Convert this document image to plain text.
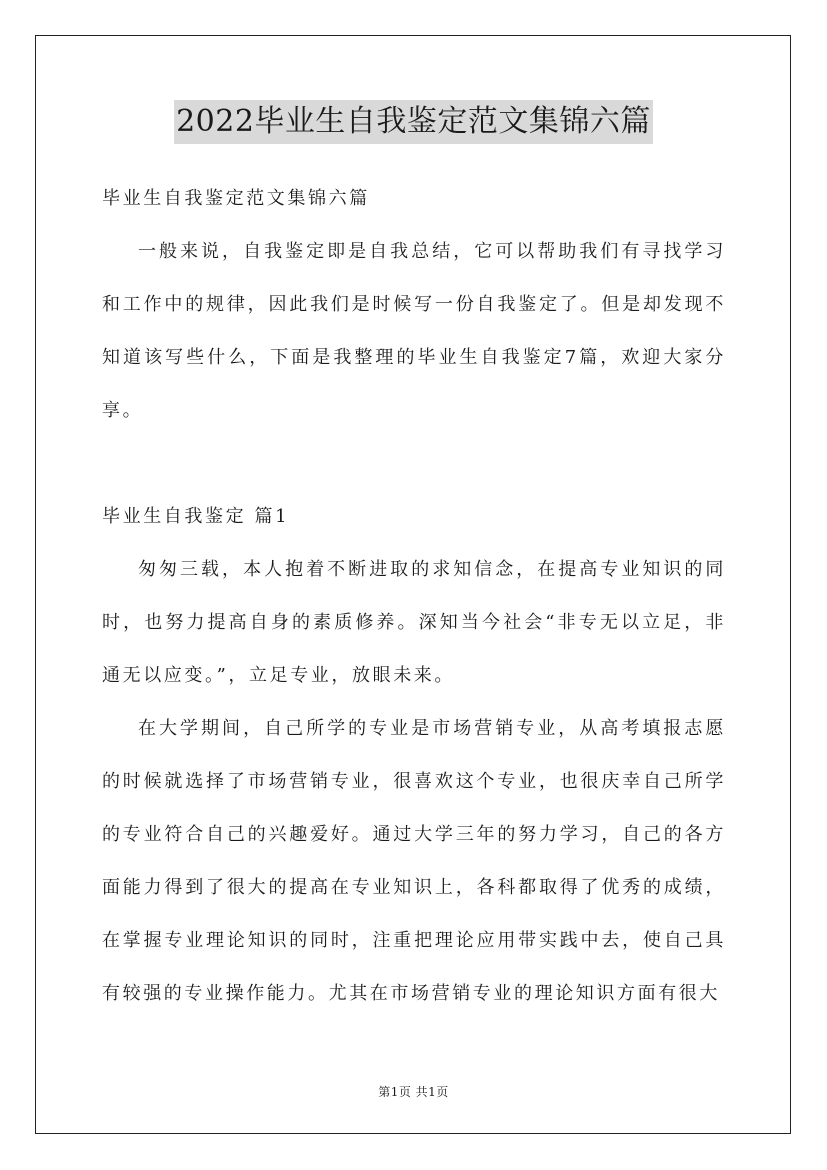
2022毕业生自我鉴定范文集锦六篇

毕业生自我鉴定范文集锦六篇

一般来说，自我鉴定即是自我总结，它可以帮助我们有寻找学习和工作中的规律，因此我们是时候写一份自我鉴定了。但是却发现不知道该写些什么，下面是我整理的毕业生自我鉴定7篇，欢迎大家分享。

毕业生自我鉴定 篇1

匆匆三载，本人抱着不断进取的求知信念，在提高专业知识的同时，也努力提高自身的素质修养。深知当今社会“非专无以立足，非通无以应变。”，立足专业，放眼未来。

在大学期间，自己所学的专业是市场营销专业，从高考填报志愿的时候就选择了市场营销专业，很喜欢这个专业，也很庆幸自己所学的专业符合自己的兴趣爱好。通过大学三年的努力学习，自己的各方面能力得到了很大的提高在专业知识上，各科都取得了优秀的成绩，在掌握专业理论知识的同时，注重把理论应用带实践中去，使自己具有较强的专业操作能力。尤其在市场营销专业的理论知识方面有很大

第1页 共1页
